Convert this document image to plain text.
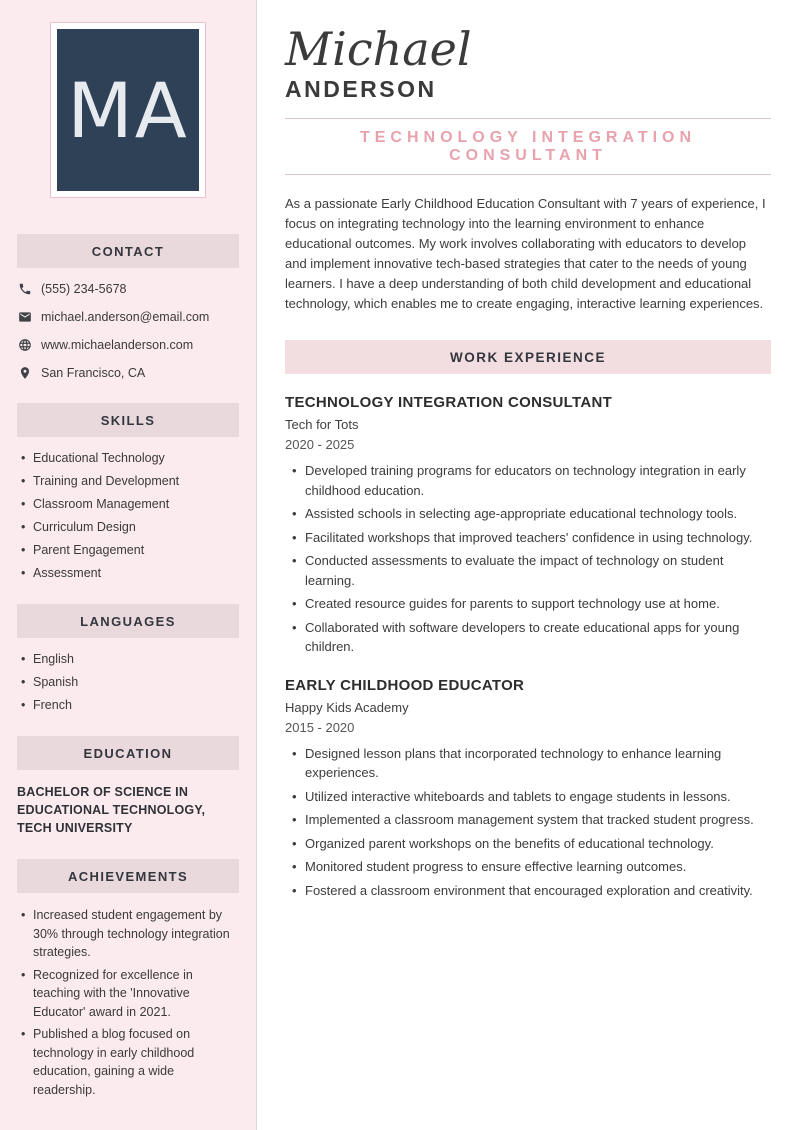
MA
CONTACT
(555) 234-5678
michael.anderson@email.com
www.michaelanderson.com
San Francisco, CA
SKILLS
• Educational Technology
• Training and Development
• Classroom Management
• Curriculum Design
• Parent Engagement
• Assessment
LANGUAGES
• English
• Spanish
• French
EDUCATION

BACHELOR OF SCIENCE IN EDUCATIONAL TECHNOLOGY, TECH UNIVERSITY

ACHIEVEMENTS
• Increased student engagement by 30% through technology integration strategies.
• Recognized for excellence in teaching with the 'Innovative Educator' award in 2021.
• Published a blog focused on technology in early childhood education, gaining a wide readership.
Michael
ANDERSON
TECHNOLOGY INTEGRATION CONSULTANT

As a passionate Early Childhood Education Consultant with 7 years of experience, I focus on integrating technology into the learning environment to enhance educational outcomes. My work involves collaborating with educators to develop and implement innovative tech-based strategies that cater to the needs of young learners. I have a deep understanding of both child development and educational technology, which enables me to create engaging, interactive learning experiences.

WORK EXPERIENCE
TECHNOLOGY INTEGRATION CONSULTANT
Tech for Tots
2020 - 2025
• Developed training programs for educators on technology integration in early childhood education.
• Assisted schools in selecting age-appropriate educational technology tools.
• Facilitated workshops that improved teachers' confidence in using technology.
• Conducted assessments to evaluate the impact of technology on student learning.
• Created resource guides for parents to support technology use at home.
• Collaborated with software developers to create educational apps for young children.
EARLY CHILDHOOD EDUCATOR
Happy Kids Academy
2015 - 2020
• Designed lesson plans that incorporated technology to enhance learning experiences.
• Utilized interactive whiteboards and tablets to engage students in lessons.
• Implemented a classroom management system that tracked student progress.
• Organized parent workshops on the benefits of educational technology.
• Monitored student progress to ensure effective learning outcomes.
• Fostered a classroom environment that encouraged exploration and creativity.
